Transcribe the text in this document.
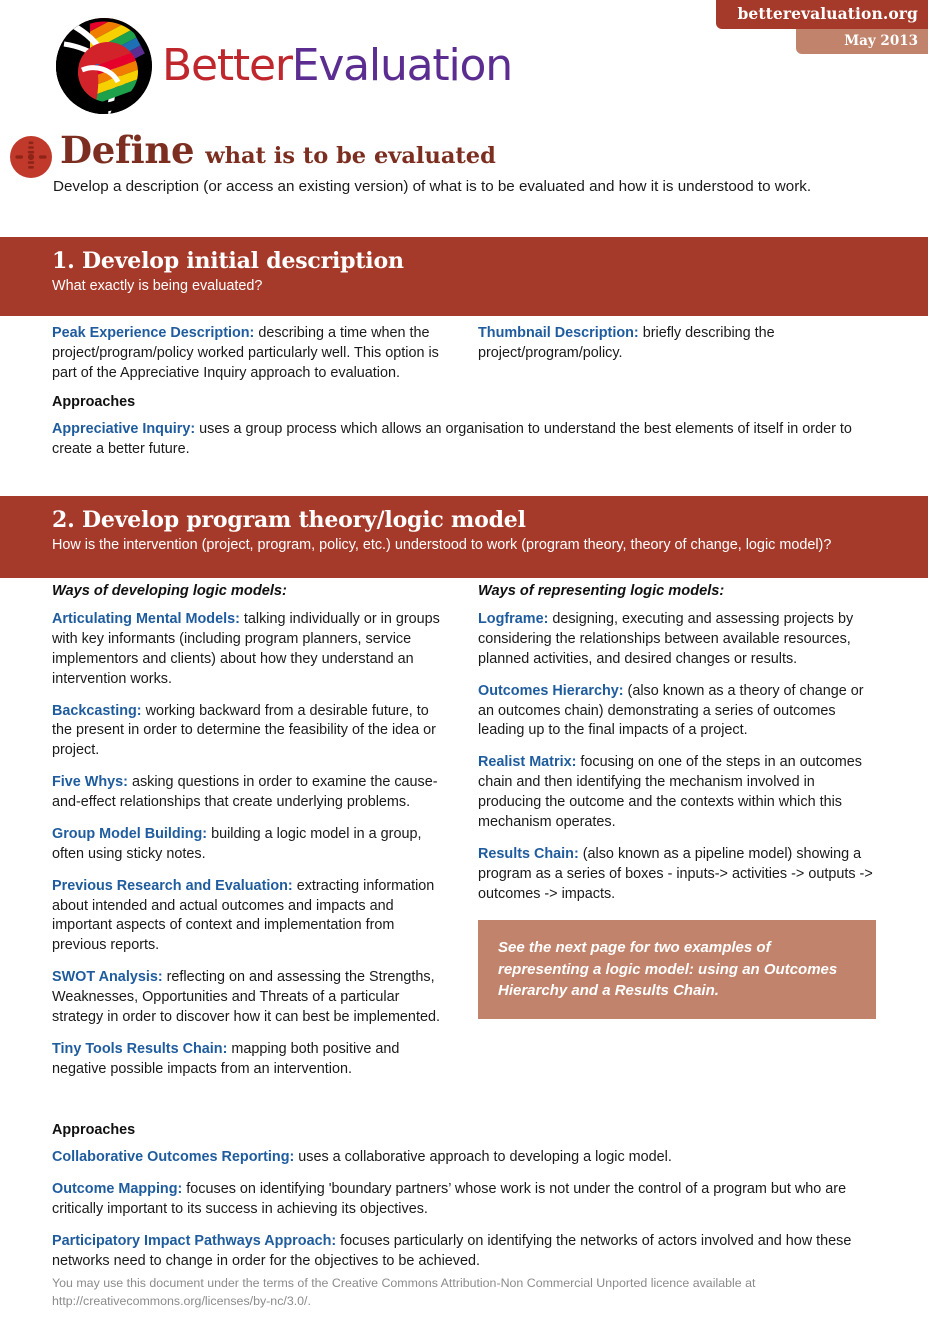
betterevaluation.org
May 2013
BetterEvaluation
Define what is to be evaluated
Develop a description (or access an existing version) of what is to be evaluated and how it is understood to work.
1. Develop initial description
What exactly is being evaluated?
Peak Experience Description: describing a time when the project/program/policy worked particularly well. This option is part of the Appreciative Inquiry approach to evaluation.
Thumbnail Description: briefly describing the project/program/policy.
Approaches
Appreciative Inquiry: uses a group process which allows an organisation to understand the best elements of itself in order to create a better future.
2. Develop program theory/logic model
How is the intervention (project, program, policy, etc.) understood to work (program theory, theory of change, logic model)?
Ways of developing logic models:
Articulating Mental Models: talking individually or in groups with key informants (including program planners, service implementors and clients) about how they understand an intervention works.
Backcasting: working backward from a desirable future, to the present in order to determine the feasibility of the idea or project.
Five Whys: asking questions in order to examine the cause-and-effect relationships that create underlying problems.
Group Model Building: building a logic model in a group, often using sticky notes.
Previous Research and Evaluation: extracting information about intended and actual outcomes and impacts and important aspects of context and implementation from previous reports.
SWOT Analysis: reflecting on and assessing the Strengths, Weaknesses, Opportunities and Threats of a particular strategy in order to discover how it can best be implemented.
Tiny Tools Results Chain: mapping both positive and negative possible impacts from an intervention.
Ways of representing logic models:
Logframe: designing, executing and assessing projects by considering the relationships between available resources, planned activities, and desired changes or results.
Outcomes Hierarchy: (also known as a theory of change or an outcomes chain) demonstrating a series of outcomes leading up to the final impacts of a project.
Realist Matrix: focusing on one of the steps in an outcomes chain and then identifying the mechanism involved in producing the outcome and the contexts within which this mechanism operates.
Results Chain: (also known as a pipeline model) showing a program as a series of boxes - inputs-> activities -> outputs -> outcomes -> impacts.
See the next page for two examples of representing a logic model: using an Outcomes Hierarchy and a Results Chain.
Approaches
Collaborative Outcomes Reporting: uses a collaborative approach to developing a logic model.
Outcome Mapping: focuses on identifying 'boundary partners’ whose work is not under the control of a program but who are critically important to its success in achieving its objectives.
Participatory Impact Pathways Approach: focuses particularly on identifying the networks of actors involved and how these networks need to change in order for the objectives to be achieved.
You may use this document under the terms of the Creative Commons Attribution-Non Commercial Unported licence available at http://creativecommons.org/licenses/by-nc/3.0/.
